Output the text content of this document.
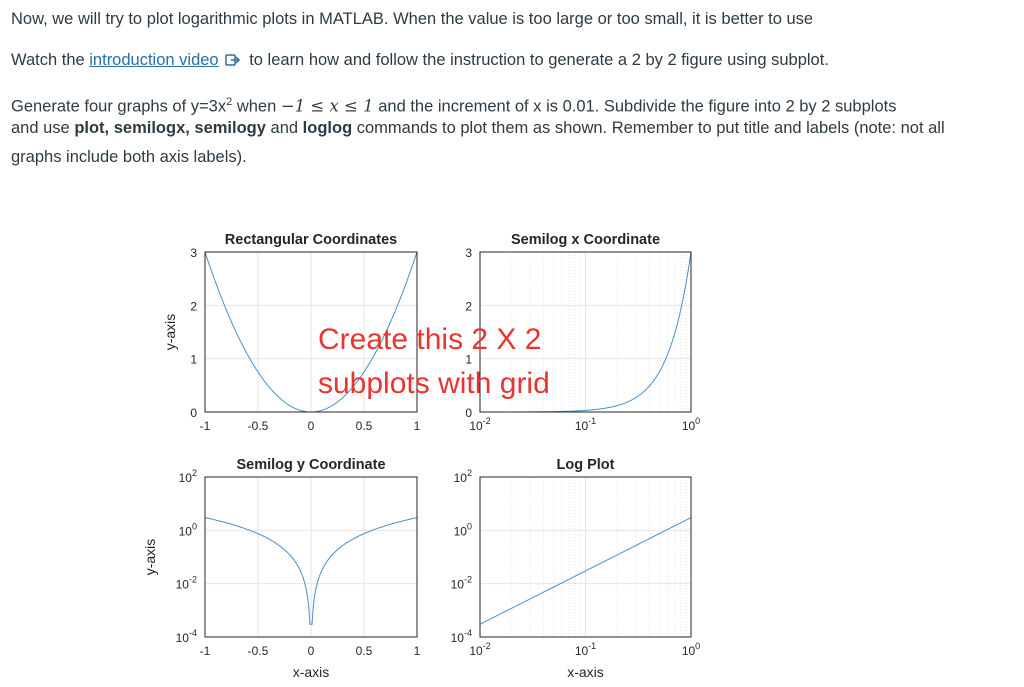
Now, we will try to plot logarithmic plots in MATLAB. When the value is too large or too small, it is better to use

Watch the introduction video to learn how and follow the instruction to generate a 2 by 2 figure using subplot.

Generate four graphs of $y=3x^2$ when −1 ≤ x ≤ 1 and the increment of x is 0.01. Subdivide the figure into 2 by 2 subplots

and use plot, semilogx, semilogy and loglog commands to plot them as shown. Remember to put title and labels (note: not all

graphs include both axis labels).

-1	-0.5	0	0.5	1
0
1
2
3
Rectangular Coordinates
y-axis
$10^{-2}$	$10^{-1}$	$10^0$
0
1
2
3
Semilog x Coordinate
-1	-0.5	0	0.5	1
$10^{-4}$
$10^{-2}$
$10^0$
$10^2$	Semilog y Coordinate
x-axis
y-axis
$10^{-2}$	$10^{-1}$	$10^0$
$10^{-4}$
$10^{-2}$
$10^0$
$10^2$	Log Plot
x-axis
Create this 2 X 2
subplots with grid
